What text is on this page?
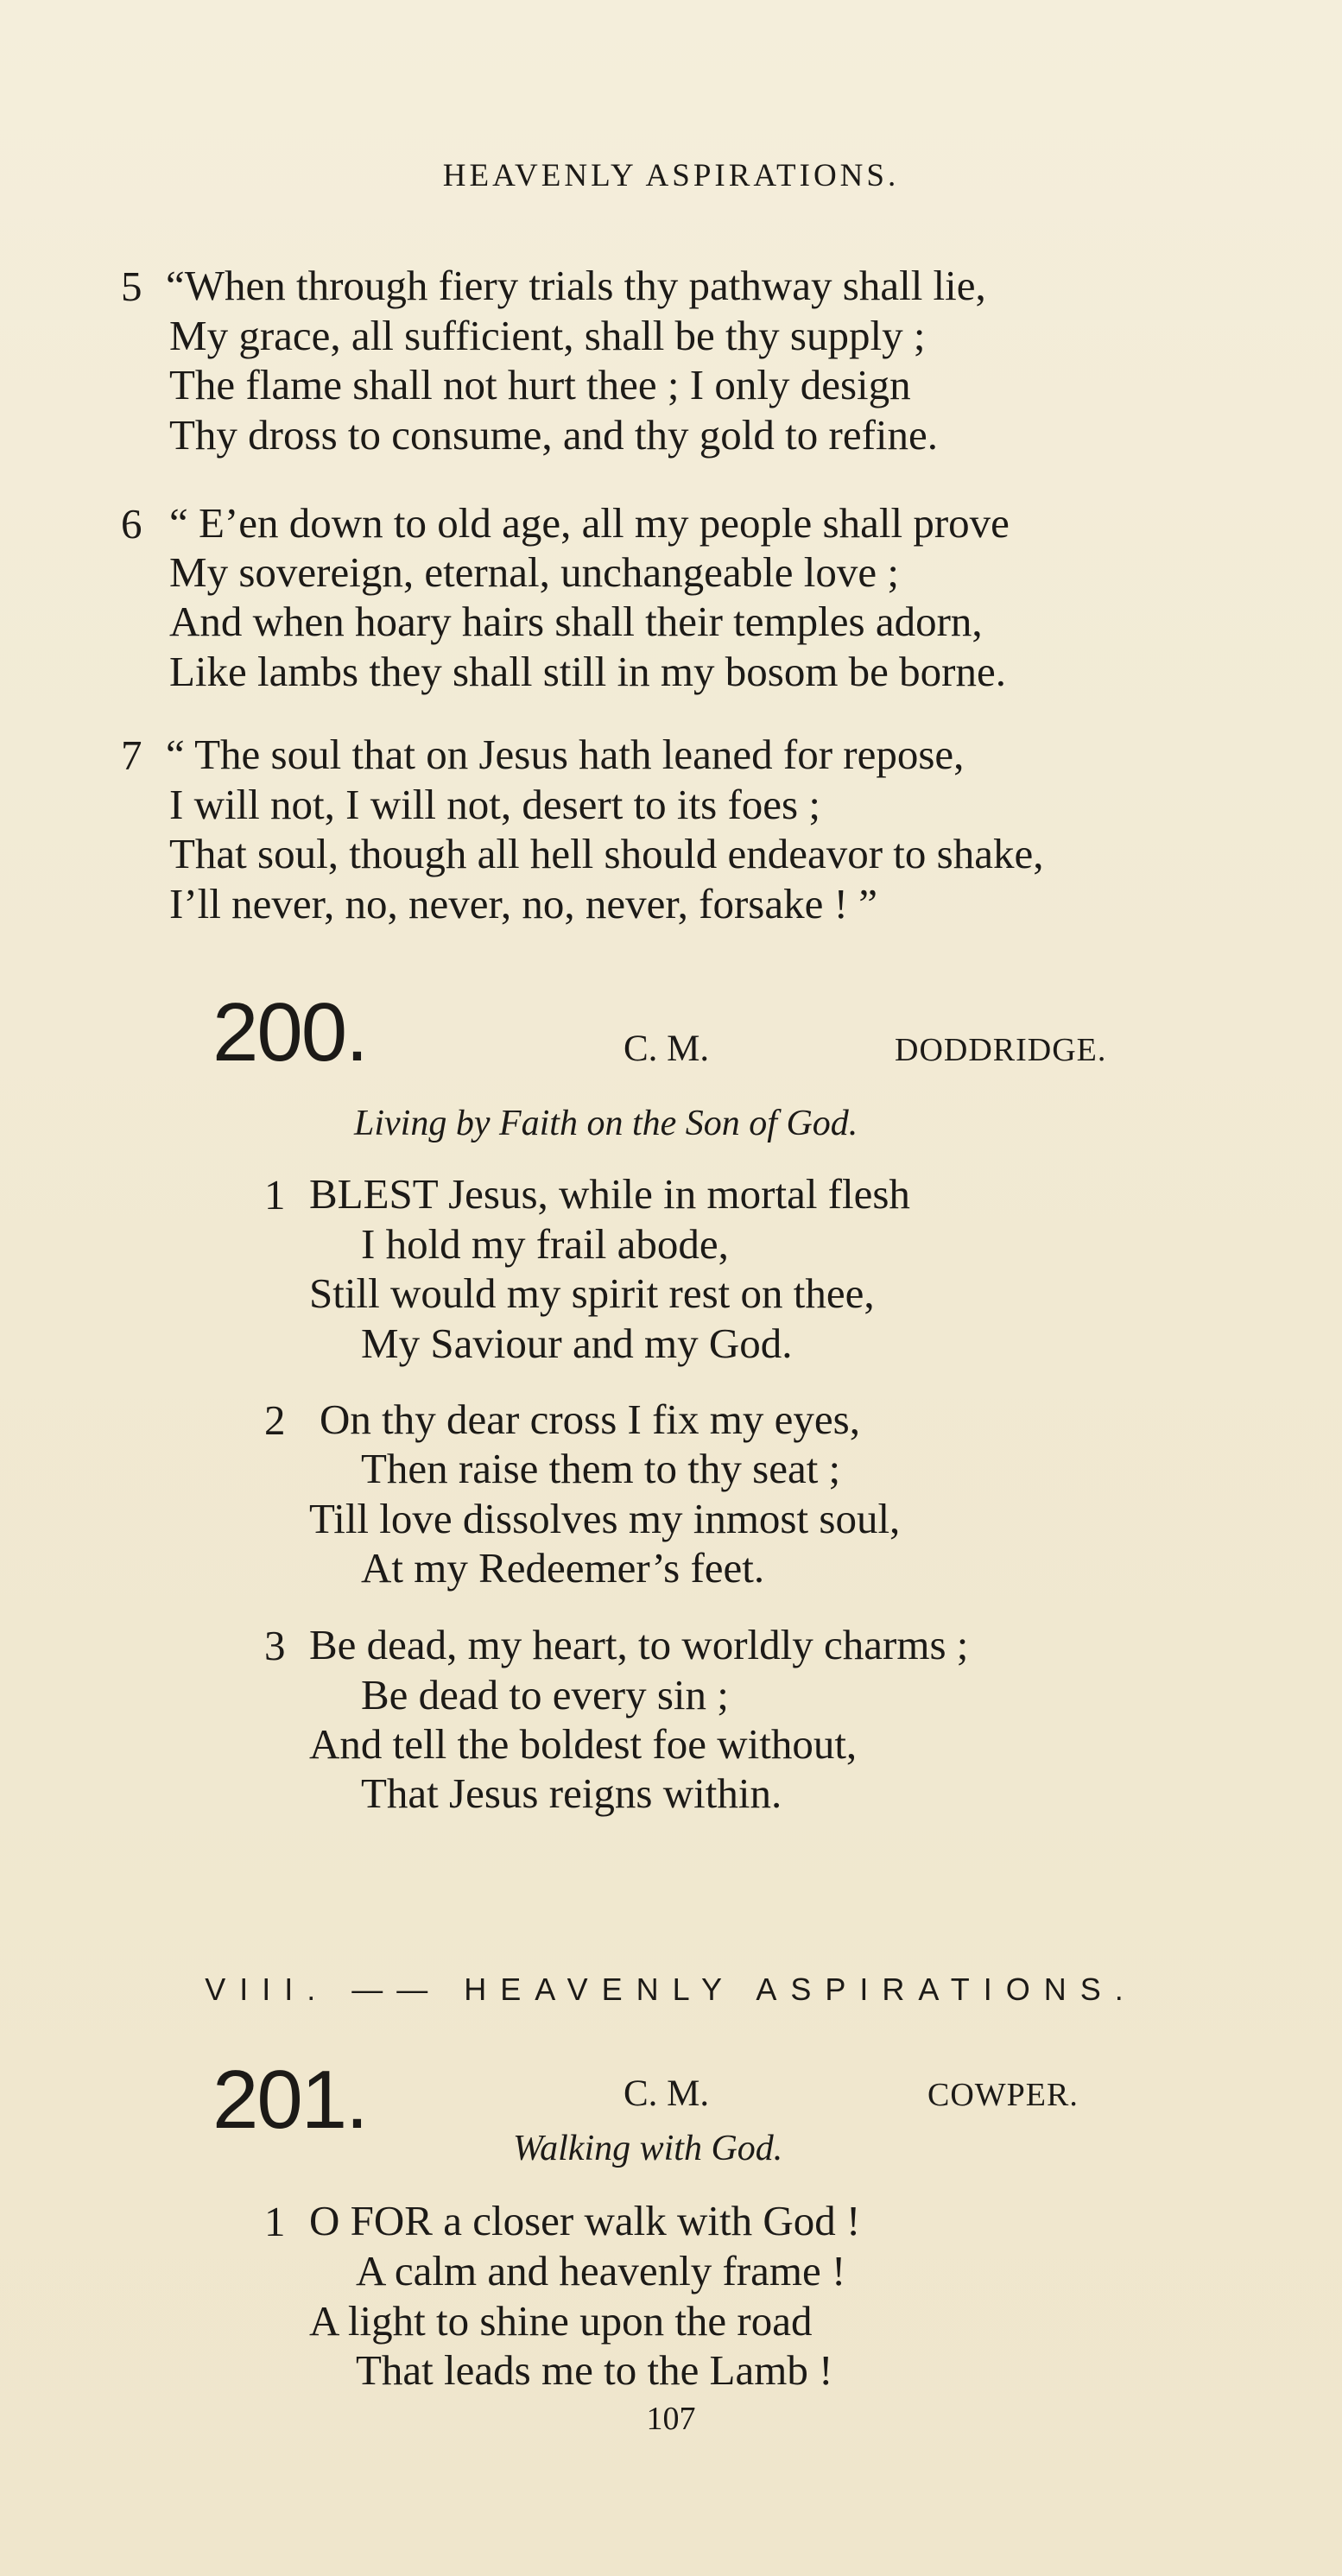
HEAVENLY ASPIRATIONS.
5 “When through fiery trials thy pathway shall lie,
My grace, all sufficient, shall be thy supply ;
The flame shall not hurt thee ; I only design
Thy dross to consume, and thy gold to refine.
6 “ E’en down to old age, all my people shall prove
My sovereign, eternal, unchangeable love ;
And when hoary hairs shall their temples adorn,
Like lambs they shall still in my bosom be borne.
7 “ The soul that on Jesus hath leaned for repose,
I will not, I will not, desert to its foes ;
That soul, though all hell should endeavor to shake,
I’ll never, no, never, no, never, forsake ! ”
200.	C. M.	DODDRIDGE.
Living by Faith on the Son of God.
1 BLEST Jesus, while in mortal flesh
I hold my frail abode,
Still would my spirit rest on thee,
My Saviour and my God.
2 On thy dear cross I fix my eyes,
Then raise them to thy seat ;
Till love dissolves my inmost soul,
At my Redeemer’s feet.
3 Be dead, my heart, to worldly charms ;
Be dead to every sin ;
And tell the boldest foe without,
That Jesus reigns within.
VIII. —— HEAVENLY ASPIRATIONS.
201.	C. M.	COWPER.
Walking with God.
1 O FOR a closer walk with God !
A calm and heavenly frame !
A light to shine upon the road
That leads me to the Lamb !
107
